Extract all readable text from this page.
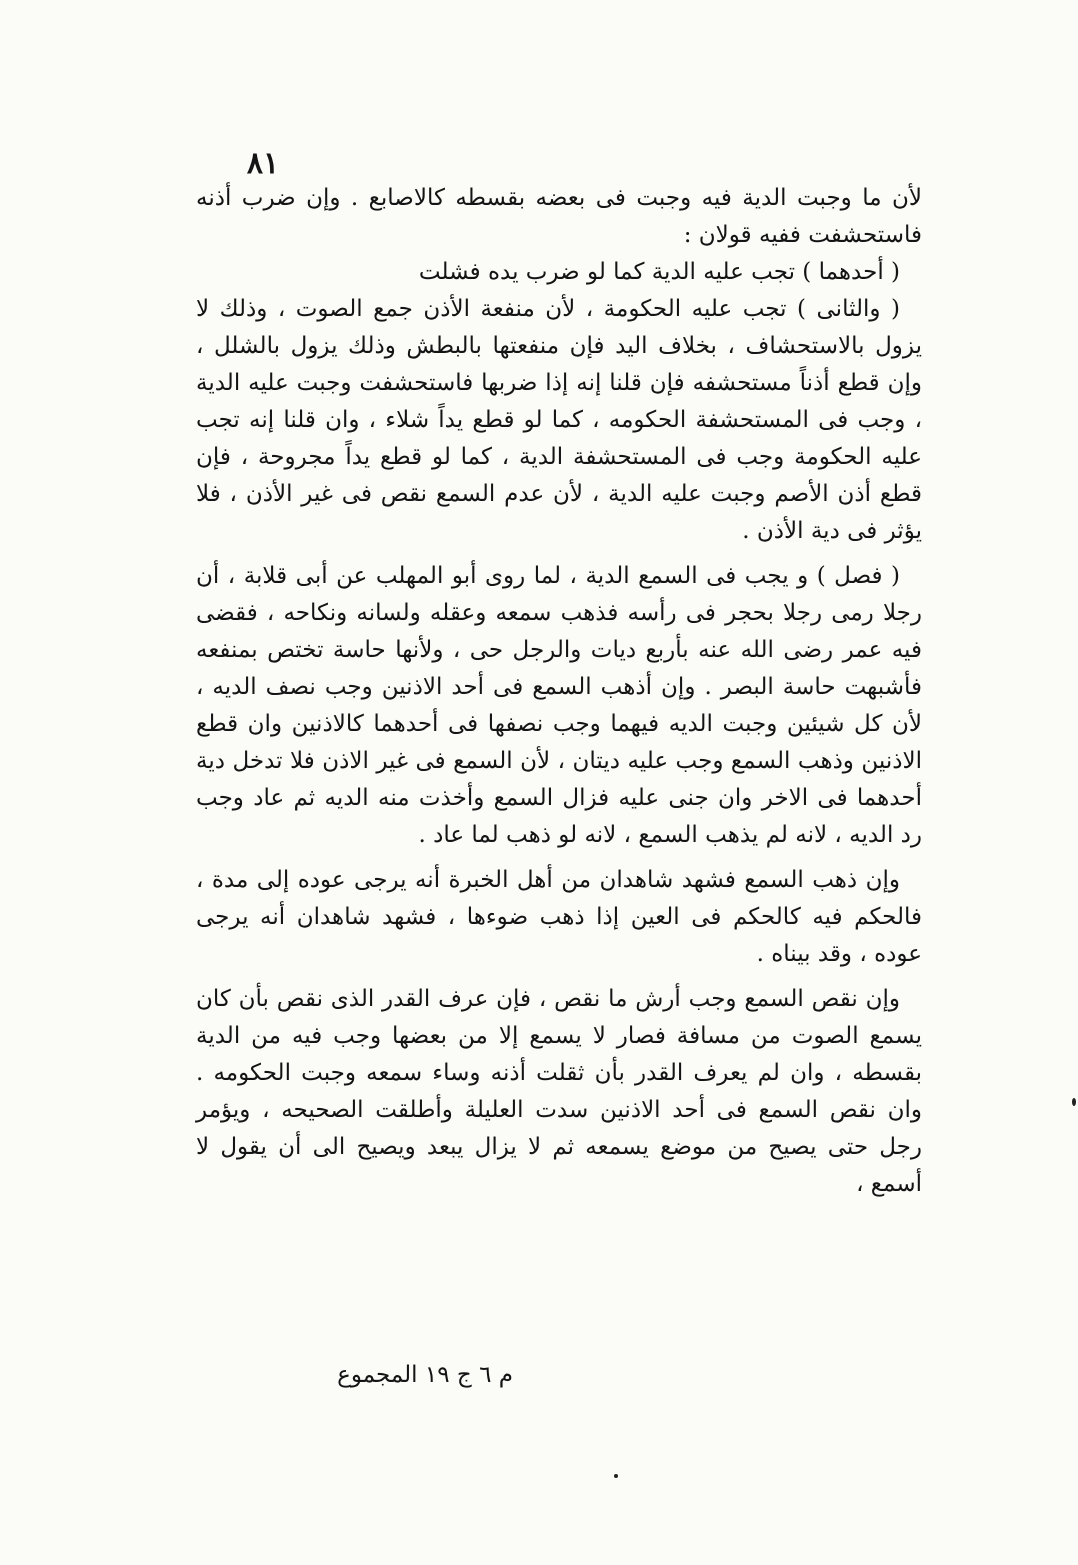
٨١

لأن ما وجبت الدية فيه وجبت فى بعضه بقسطه كالاصابع . وإن ضرب أذنه فاستحشفت ففيه قولان :

( أحدهما ) تجب عليه الدية كما لو ضرب يده فشلت

( والثانى ) تجب عليه الحكومة ، لأن منفعة الأذن جمع الصوت ، وذلك لا يزول بالاستحشاف ، بخلاف اليد فإن منفعتها بالبطش وذلك يزول بالشلل ، وإن قطع أذناً مستحشفه فإن قلنا إنه إذا ضربها فاستحشفت وجبت عليه الدية ، وجب فى المستحشفة الحكومه ، كما لو قطع يداً شلاء ، وان قلنا إنه تجب عليه الحكومة وجب فى المستحشفة الدية ، كما لو قطع يداً مجروحة ، فإن قطع أذن الأصم وجبت عليه الدية ، لأن عدم السمع نقص فى غير الأذن ، فلا يؤثر فى دية الأذن .

( فصل ) و يجب فى السمع الدية ، لما روى أبو المهلب عن أبى قلابة ، أن رجلا رمى رجلا بحجر فى رأسه فذهب سمعه وعقله ولسانه ونكاحه ، فقضى فيه عمر رضى الله عنه بأربع ديات والرجل حى ، ولأنها حاسة تختص بمنفعه فأشبهت حاسة البصر . وإن أذهب السمع فى أحد الاذنين وجب نصف الديه ، لأن كل شيئين وجبت الديه فيهما وجب نصفها فى أحدهما كالاذنين وان قطع الاذنين وذهب السمع وجب عليه ديتان ، لأن السمع فى غير الاذن فلا تدخل دية أحدهما فى الاخر وان جنى عليه فزال السمع وأخذت منه الديه ثم عاد وجب رد الديه ، لانه لم يذهب السمع ، لانه لو ذهب لما عاد .

وإن ذهب السمع فشهد شاهدان من أهل الخبرة أنه يرجى عوده إلى مدة ، فالحكم فيه كالحكم فى العين إذا ذهب ضوءها ، فشهد شاهدان أنه يرجى عوده ، وقد بيناه .

وإن نقص السمع وجب أرش ما نقص ، فإن عرف القدر الذى نقص بأن كان يسمع الصوت من مسافة فصار لا يسمع إلا من بعضها وجب فيه من الدية بقسطه ، وان لم يعرف القدر بأن ثقلت أذنه وساء سمعه وجبت الحكومه . وان نقص السمع فى أحد الاذنين سدت العليلة وأطلقت الصحيحه ، ويؤمر رجل حتى يصيح من موضع يسمعه ثم لا يزال يبعد ويصيح الى أن يقول لا أسمع ،

م ٦ ج ١٩ المجموع
